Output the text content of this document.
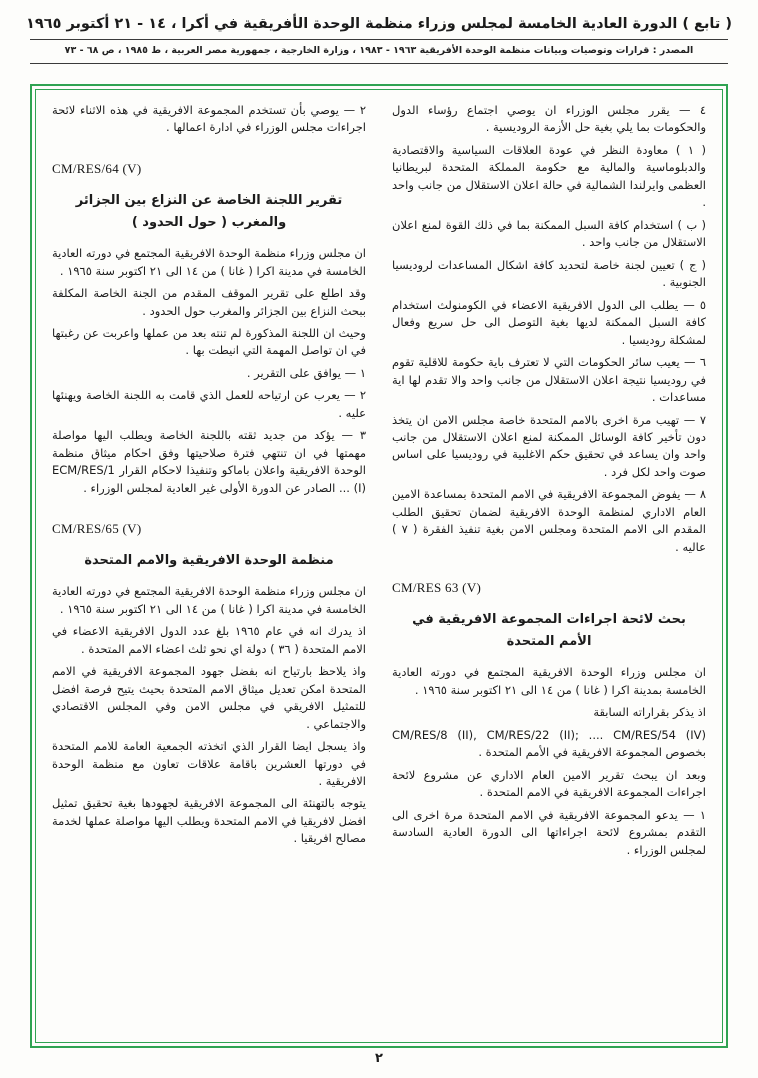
( تابع ) الدورة العادية الخامسة لمجلس وزراء منظمة الوحدة الأفريقية في أكرا ، ١٤ - ٢١ أكتوبر ١٩٦٥
المصدر : قرارات وتوصيات وبيانات منظمة الوحدة الأفريقية ١٩٦٣ - ١٩٨٣ ، وزارة الخارجية ، جمهورية مصر العربية ، ط ١٩٨٥ ، ص ٦٨ - ٧٣

٤ — يقرر مجلس الوزراء ان يوصي اجتماع رؤساء الدول والحكومات بما يلي بغية حل الأزمة الروديسية .

( ١ ) معاودة النظر في عودة العلاقات السياسية والاقتصادية والدبلوماسية والمالية مع حكومة المملكة المتحدة لبريطانيا العظمى وايرلندا الشمالية في حالة اعلان الاستقلال من جانب واحد .

( ب ) استخدام كافة السبل الممكنة بما في ذلك القوة لمنع اعلان الاستقلال من جانب واحد .

( ج ) تعيين لجنة خاصة لتحديد كافة اشكال المساعدات لروديسيا الجنوبية .

٥ — يطلب الى الدول الافريقية الاعضاء في الكومنولث استخدام كافة السبل الممكنة لديها بغية التوصل الى حل سريع وفعال لمشكلة روديسيا .

٦ — يعيب سائر الحكومات التي لا تعترف باية حكومة للاقلية تقوم في روديسيا نتيجة اعلان الاستقلال من جانب واحد والا تقدم لها اية مساعدات .

٧ — تهيب مرة اخرى بالامم المتحدة خاصة مجلس الامن ان يتخذ دون تأخير كافة الوسائل الممكنة لمنع اعلان الاستقلال من جانب واحد وان يساعد في تحقيق حكم الاغلبية في روديسيا على اساس صوت واحد لكل فرد .

٨ — يفوض المجموعة الافريقية في الامم المتحدة بمساعدة الامين العام الاداري لمنظمة الوحدة الافريقية لضمان تحقيق الطلب المقدم الى الامم المتحدة ومجلس الامن بغية تنفيذ الفقرة ( ٧ ) عاليه .

CM/RES 63 (V)

بحث لائحة اجراءات المجموعة الافريقية في الأمم المتحدة

ان مجلس وزراء الوحدة الافريقية المجتمع في دورته العادية الخامسة بمدينة اكرا ( غانا ) من ١٤ الى ٢١ اكتوبر سنة ١٩٦٥ .

اذ يذكر بقراراته السابقة

CM/RES/8 (II), CM/RES/22 (II); .... CM/RES/54 (IV) بخصوص المجموعة الافريقية في الأمم المتحدة .

وبعد ان يبحث تقرير الامين العام الاداري عن مشروع لائحة اجراءات المجموعة الافريقية في الامم المتحدة .

١ — يدعو المجموعة الافريقية في الامم المتحدة مرة اخرى الى التقدم بمشروع لائحة اجراءاتها الى الدورة العادية السادسة لمجلس الوزراء .

٢ — يوصي بأن تستخدم المجموعة الافريقية في هذه الاثناء لائحة اجراءات مجلس الوزراء في ادارة اعمالها .

CM/RES/64 (V)

تقرير اللجنة الخاصة عن النزاع بين الجزائر والمغرب ( حول الحدود )

ان مجلس وزراء منظمة الوحدة الافريقية المجتمع في دورته العادية الخامسة في مدينة اكرا ( غانا ) من ١٤ الى ٢١ اكتوبر سنة ١٩٦٥ .

وقد اطلع على تقرير الموقف المقدم من الجنة الخاصة المكلفة ببحث النزاع بين الجزائر والمغرب حول الحدود .

وحيث ان اللجنة المذكورة لم تنته بعد من عملها واعربت عن رغبتها في ان تواصل المهمة التي انيطت بها .

١ — يوافق على التقرير .

٢ — يعرب عن ارتياحه للعمل الذي قامت به اللجنة الخاصة ويهنئها عليه .

٣ — يؤكد من جديد ثقته باللجنة الخاصة ويطلب اليها مواصلة مهمتها في ان تنتهي فترة صلاحيتها وفق احكام ميثاق منظمة الوحدة الافريقية واعلان باماكو وتنفيذا لاحكام القرار ECM/RES/1 (I) ... الصادر عن الدورة الأولى غير العادية لمجلس الوزراء .

CM/RES/65 (V)

منظمة الوحدة الافريقية والامم المتحدة

ان مجلس وزراء منظمة الوحدة الافريقية المجتمع في دورته العادية الخامسة في مدينة اكرا ( غانا ) من ١٤ الى ٢١ اكتوبر سنة ١٩٦٥ .

اذ يدرك انه في عام ١٩٦٥ بلغ عدد الدول الافريقية الاعضاء في الامم المتحدة ( ٣٦ ) دولة اي نحو ثلث اعضاء الامم المتحدة .

واذ يلاحظ بارتياح انه بفضل جهود المجموعة الافريقية في الامم المتحدة امكن تعديل ميثاق الامم المتحدة بحيث يتيح فرصة افضل للتمثيل الافريقي في مجلس الامن وفي المجلس الاقتصادي والاجتماعي .

واذ يسجل ايضا القرار الذي اتخذته الجمعية العامة للامم المتحدة في دورتها العشرين باقامة علاقات تعاون مع منظمة الوحدة الافريقية .

يتوجه بالتهنئة الى المجموعة الافريقية لجهودها بغية تحقيق تمثيل افضل لافريقيا في الامم المتحدة ويطلب اليها مواصلة عملها لخدمة مصالح افريقيا .

٢
